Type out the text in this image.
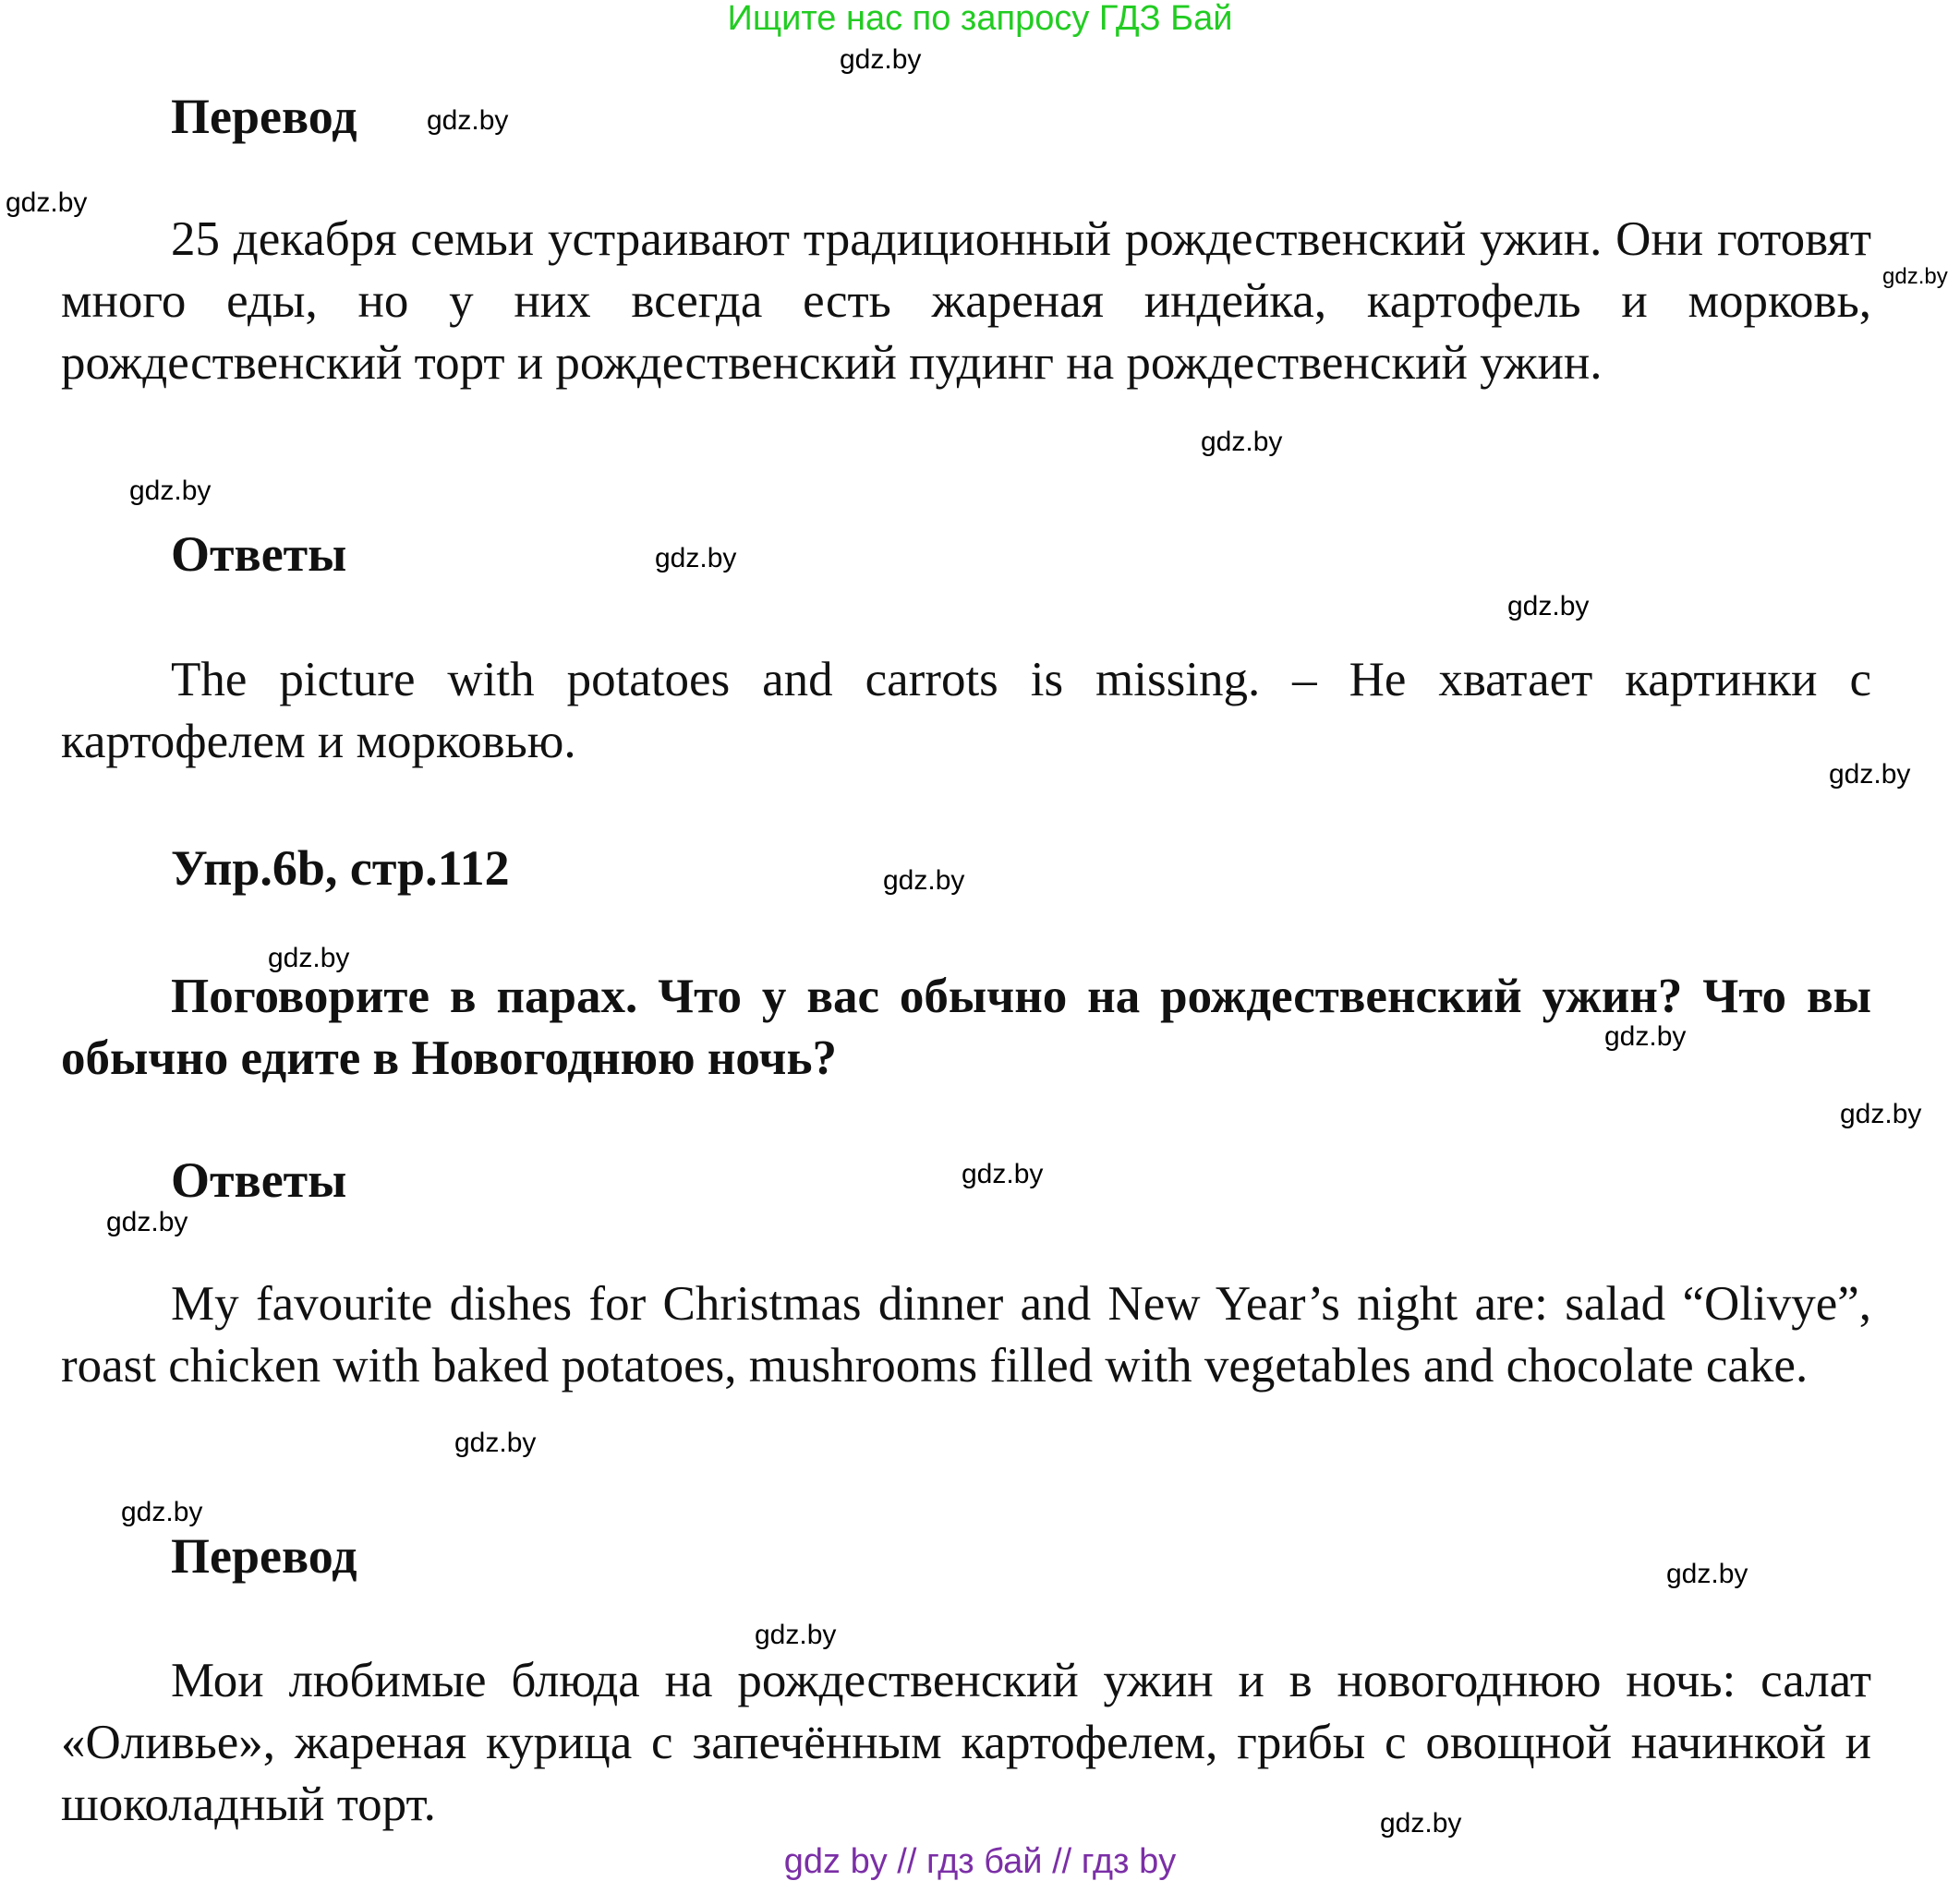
Ищите нас по запросу ГДЗ Бай
gdz.by
gdz.by
gdz.by
gdz.by
gdz.by
gdz.by
gdz.by
gdz.by
gdz.by
gdz.by
gdz.by
gdz.by
gdz.by
gdz.by
gdz.by
gdz.by
gdz.by
gdz.by
gdz.by
gdz.by
Перевод
25 декабря семьи устраивают традиционный рождественский ужин. Они готовят много еды, но у них всегда есть жареная индейка, картофель и морковь, рождественский торт и рождественский пудинг на рождественский ужин.
Ответы
The picture with potatoes and carrots is missing. – Не хватает картинки с картофелем и морковью.
Упр.6b, стр.112
Поговорите в парах. Что у вас обычно на рождественский ужин? Что вы обычно едите в Новогоднюю ночь?
Ответы
My favourite dishes for Christmas dinner and New Year’s night are: salad “Olivye”, roast chicken with baked potatoes, mushrooms filled with vegetables and chocolate cake.
Перевод
Мои любимые блюда на рождественский ужин и в новогоднюю ночь: салат «Оливье», жареная курица с запечённым картофелем, грибы с овощной начинкой и шоколадный торт.
gdz by // гдз бай // гдз by
